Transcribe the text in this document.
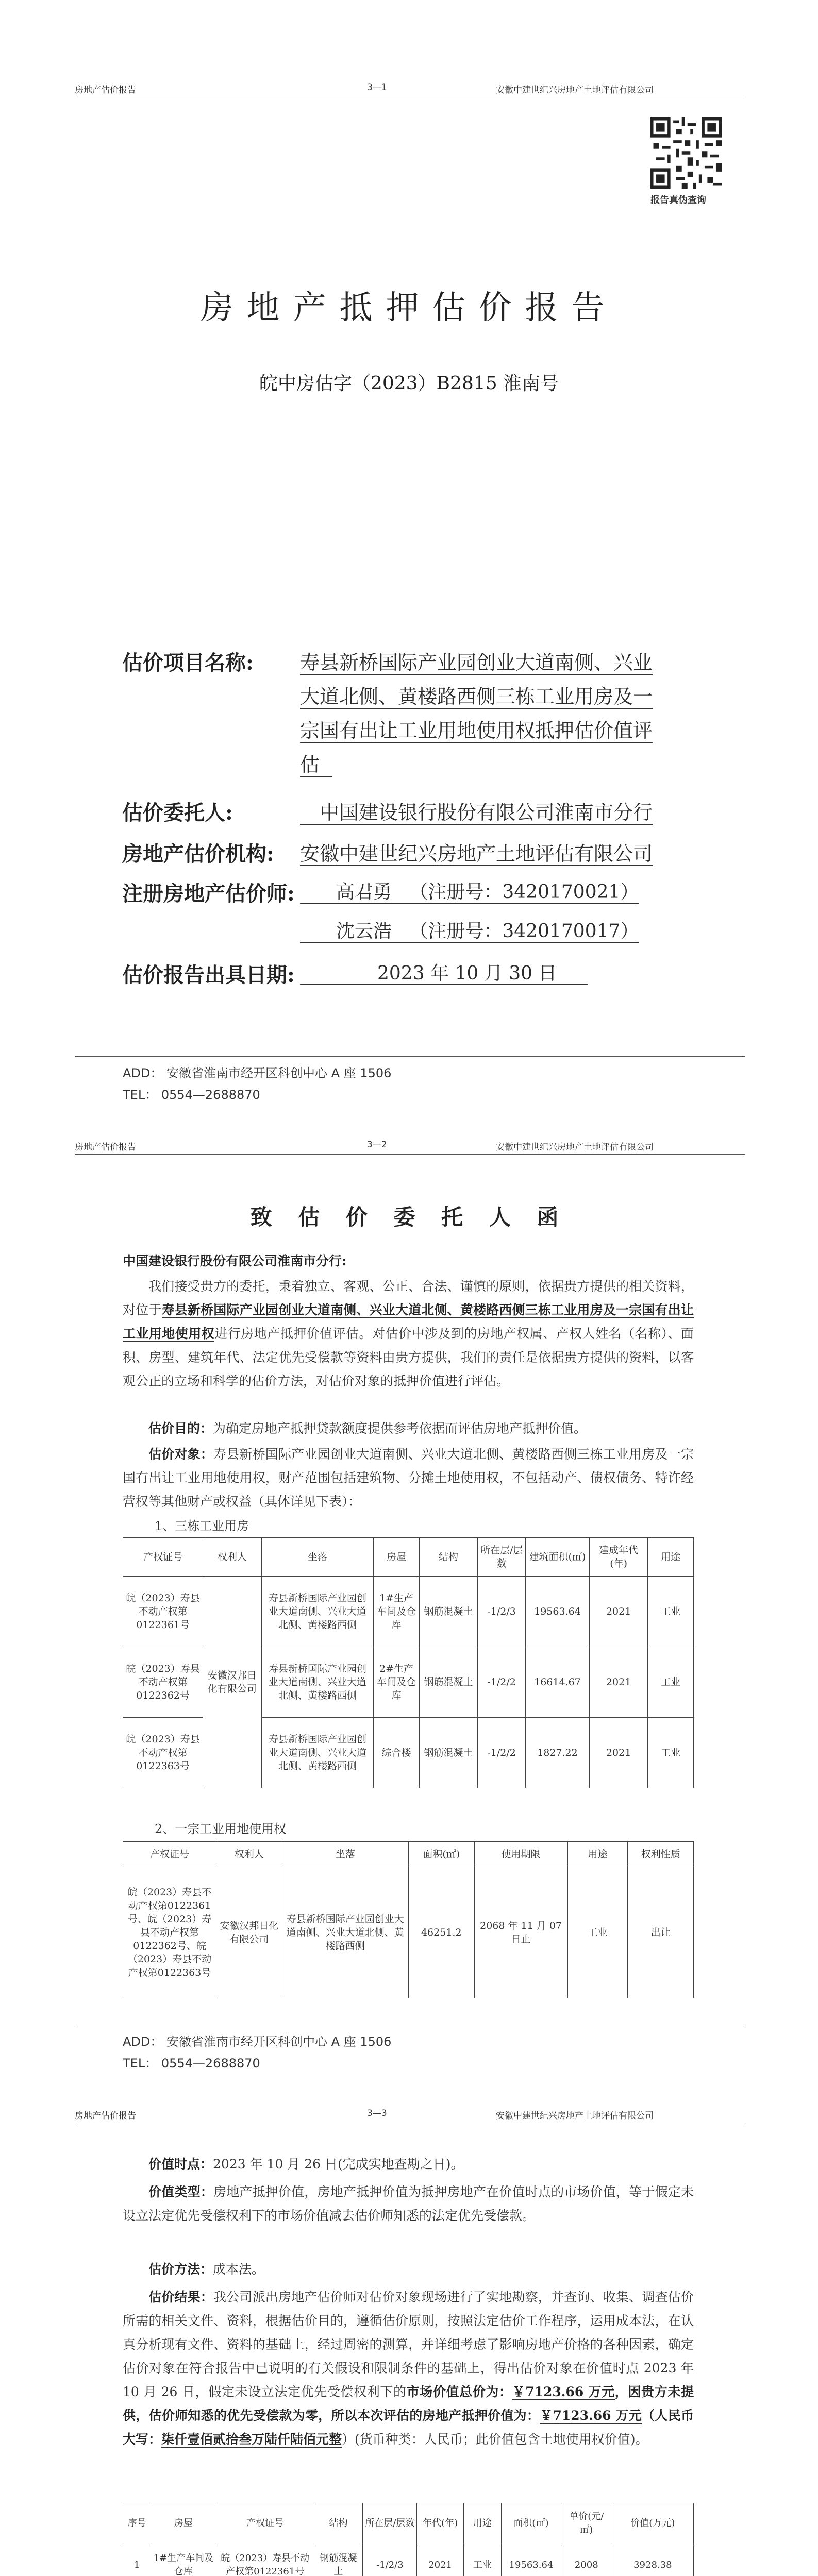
房地产估价报告	3—1	安徽中建世纪兴房地产土地评估有限公司
报告真伪查询
房地产抵押估价报告
皖中房估字（2023）B2815 淮南号
估价项目名称: 寿县新桥国际产业园创业大道南侧、兴业
大道北侧、黄楼路西侧三栋工业用房及一
宗国有出让工业用地使用权抵押估价值评
估
估价委托人:	中国建设银行股份有限公司淮南市分行
房地产估价机构: 安徽中建世纪兴房地产土地评估有限公司
注册房地产估价师:	高君勇 （注册号：3420170021）
沈云浩 （注册号：3420170017）
估价报告出具日期:	2023 年 10 月 30 日
ADD： 安徽省淮南市经开区科创中心 A 座 1506
TEL： 0554—2688870
房地产估价报告	3—2	安徽中建世纪兴房地产土地评估有限公司
致 估 价 委 托 人 函
中国建设银行股份有限公司淮南市分行:
我们接受贵方的委托，秉着独立、客观、公正、合法、谨慎的原则，依据贵方提供的相关资料，对位于寿县新桥国际产业园创业大道南侧、兴业大道北侧、黄楼路西侧三栋工业用房及一宗国有出让工业用地使用权进行房地产抵押价值评估。对估价中涉及到的房地产权属、产权人姓名（名称）、面积、房型、建筑年代、法定优先受偿款等资料由贵方提供，我们的责任是依据贵方提供的资料，以客观公正的立场和科学的估价方法，对估价对象的抵押价值进行评估。
估价目的：为确定房地产抵押贷款额度提供参考依据而评估房地产抵押价值。
估价对象：寿县新桥国际产业园创业大道南侧、兴业大道北侧、黄楼路西侧三栋工业用房及一宗国有出让工业用地使用权，财产范围包括建筑物、分摊土地使用权，不包括动产、债权债务、特许经营权等其他财产或权益（具体详见下表）：
1、三栋工业用房
产权证号	权利人	坐落	房屋	结构	所在层/层数	建筑面积(㎡)	建成年代(年)	用途
皖（2023）寿县不动产权第0122361号	安徽汉邦日化有限公司	寿县新桥国际产业园创业大道南侧、兴业大道北侧、黄楼路西侧	1#生产车间及仓库	钢筋混凝土	-1/2/3	19563.64	2021	工业
皖（2023）寿县不动产权第0122362号		寿县新桥国际产业园创业大道南侧、兴业大道北侧、黄楼路西侧	2#生产车间及仓库	钢筋混凝土	-1/2/2	16614.67	2021	工业
皖（2023）寿县不动产权第0122363号		寿县新桥国际产业园创业大道南侧、兴业大道北侧、黄楼路西侧	综合楼	钢筋混凝土	-1/2/2	1827.22	2021	工业
2、一宗工业用地使用权
产权证号	权利人	坐落	面积(㎡)	使用期限	用途	权利性质
皖（2023）寿县不动产权第0122361号、皖（2023）寿县不动产权第0122362号、皖（2023）寿县不动产权第0122363号	安徽汉邦日化有限公司	寿县新桥国际产业园创业大道南侧、兴业大道北侧、黄楼路西侧	46251.2	2068 年 11 月 07 日止	工业	出让
ADD： 安徽省淮南市经开区科创中心 A 座 1506
TEL： 0554—2688870
房地产估价报告	3—3	安徽中建世纪兴房地产土地评估有限公司
价值时点：2023 年 10 月 26 日(完成实地查勘之日)。
价值类型：房地产抵押价值，房地产抵押价值为抵押房地产在价值时点的市场价值，等于假定未设立法定优先受偿权利下的市场价值减去估价师知悉的法定优先受偿款。
估价方法：成本法。
估价结果：我公司派出房地产估价师对估价对象现场进行了实地勘察，并查询、收集、调查估价所需的相关文件、资料，根据估价目的，遵循估价原则，按照法定估价工作程序，运用成本法，在认真分析现有文件、资料的基础上，经过周密的测算，并详细考虑了影响房地产价格的各种因素，确定估价对象在符合报告中已说明的有关假设和限制条件的基础上，得出估价对象在价值时点 2023 年 10 月 26 日，假定未设立法定优先受偿权利下的市场价值总价为：￥7123.66 万元，因贵方未提供，估价师知悉的优先受偿款为零，所以本次评估的房地产抵押价值为：￥7123.66 万元（人民币大写：柒仟壹佰贰拾叁万陆仟陆佰元整）(货币种类：人民币；此价值包含土地使用权价值)。
序号	房屋	产权证号	结构	所在层/层数	年代(年)	用途	面积(㎡)	单价(元/㎡)	价值(万元)
1	1#生产车间及仓库	皖（2023）寿县不动产权第0122361号	钢筋混凝土	-1/2/3	2021	工业	19563.64	2008	3928.38
